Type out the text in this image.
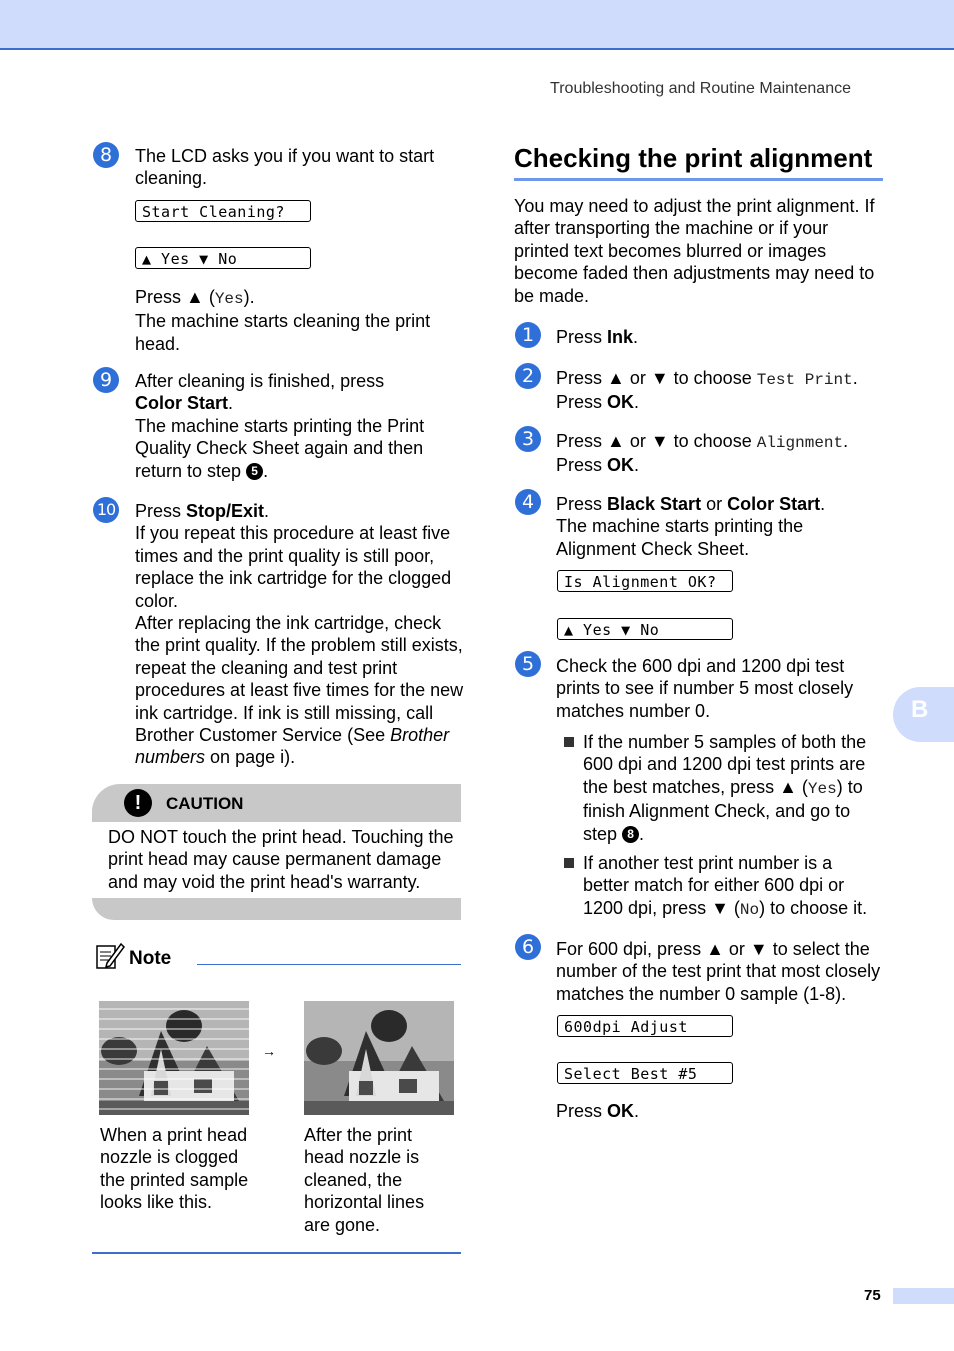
Troubleshooting and Routine Maintenance
8	The LCD asks you if you want to start cleaning.
Start Cleaning?
▲ Yes ▼ No
Press ▲ (Yes).
The machine starts cleaning the print head.
9	After cleaning is finished, press
Color Start.
The machine starts printing the Print Quality Check Sheet again and then return to step 5 .
10 Press Stop/Exit.
If you repeat this procedure at least five times and the print quality is still poor, replace the ink cartridge for the clogged color.
After replacing the ink cartridge, check the print quality. If the problem still exists, repeat the cleaning and test print procedures at least five times for the new ink cartridge. If ink is still missing, call Brother Customer Service (See Brother numbers on page i).
!	CAUTION
DO NOT touch the print head. Touching the print head may cause permanent damage and may void the print head's warranty.
Note
→
When a print head nozzle is clogged the printed sample looks like this.
After the print head nozzle is cleaned, the horizontal lines are gone.
Checking the print alignment
You may need to adjust the print alignment. If after transporting the machine or if your printed text becomes blurred or images become faded then adjustments may need to be made.
1	Press Ink.
2	Press ▲ or ▼ to choose Test Print.
Press OK.
3	Press ▲ or ▼ to choose Alignment.
Press OK.
4	Press Black Start or Color Start.
The machine starts printing the Alignment Check Sheet.
Is Alignment OK?
▲ Yes ▼ No
5	Check the 600 dpi and 1200 dpi test prints to see if number 5 most closely matches number 0.
If the number 5 samples of both the 600 dpi and 1200 dpi test prints are the best matches, press ▲ (Yes) to finish Alignment Check, and go to step 8 .
If another test print number is a better match for either 600 dpi or 1200 dpi, press ▼ (No) to choose it.
6	For 600 dpi, press ▲ or ▼ to select the number of the test print that most closely matches the number 0 sample (1-8).
600dpi Adjust
Select Best #5
Press OK.
B
75
